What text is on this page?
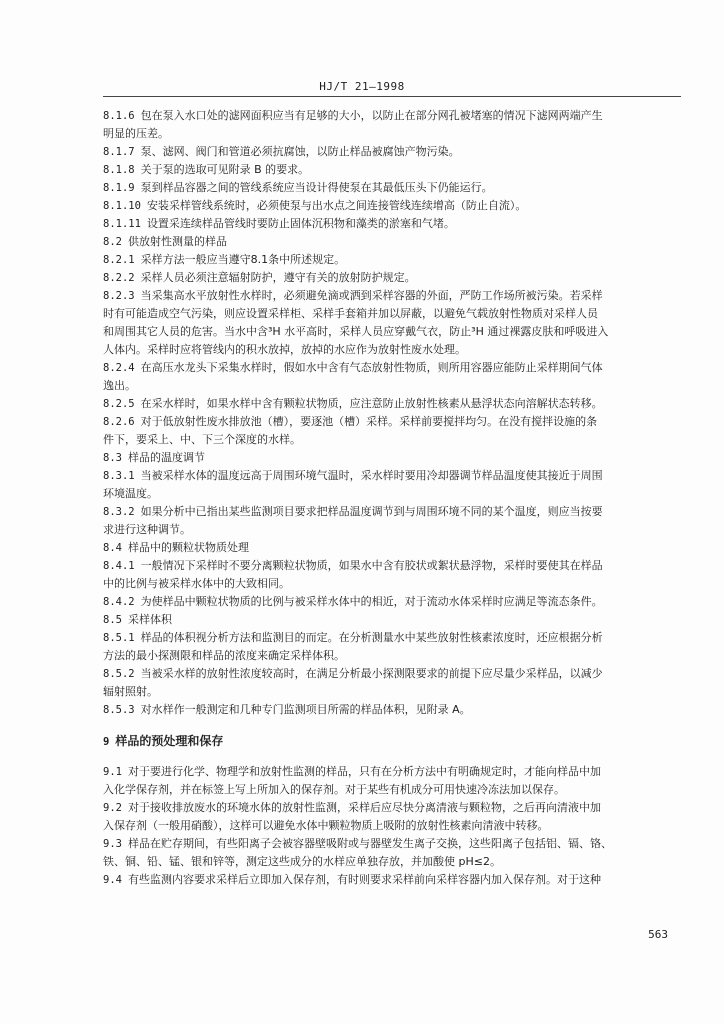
HJ/T 21—1998
8.1.6 包在泵入水口处的滤网面积应当有足够的大小，以防止在部分网孔被堵塞的情况下滤网两端产生
明显的压差。
8.1.7 泵、滤网、阀门和管道必须抗腐蚀，以防止样品被腐蚀产物污染。
8.1.8 关于泵的选取可见附录 B 的要求。
8.1.9 泵到样品容器之间的管线系统应当设计得使泵在其最低压头下仍能运行。
8.1.10 安装采样管线系统时，必须使泵与出水点之间连接管线连续增高（防止自流）。
8.1.11 设置采连续样品管线时要防止固体沉积物和藻类的淤塞和气堵。
8.2 供放射性测量的样品
8.2.1 采样方法一般应当遵守8.1条中所述规定。
8.2.2 采样人员必须注意辐射防护，遵守有关的放射防护规定。
8.2.3 当采集高水平放射性水样时，必须避免滴或洒到采样容器的外面，严防工作场所被污染。若采样
时有可能造成空气污染，则应设置采样柜、采样手套箱并加以屏蔽，以避免气载放射性物质对采样人员
和周围其它人员的危害。当水中含³H 水平高时，采样人员应穿戴气衣，防止³H 通过裸露皮肤和呼吸进入
人体内。采样时应将管线内的积水放掉，放掉的水应作为放射性废水处理。
8.2.4 在高压水龙头下采集水样时，假如水中含有气态放射性物质，则所用容器应能防止采样期间气体
逸出。
8.2.5 在采水样时，如果水样中含有颗粒状物质，应注意防止放射性核素从悬浮状态向溶解状态转移。
8.2.6 对于低放射性废水排放池（槽），要逐池（槽）采样。采样前要搅拌均匀。在没有搅拌设施的条
件下，要采上、中、下三个深度的水样。
8.3 样品的温度调节
8.3.1 当被采样水体的温度远高于周围环境气温时，采水样时要用冷却器调节样品温度使其接近于周围
环境温度。
8.3.2 如果分析中已指出某些监测项目要求把样品温度调节到与周围环境不同的某个温度，则应当按要
求进行这种调节。
8.4 样品中的颗粒状物质处理
8.4.1 一般情况下采样时不要分离颗粒状物质，如果水中含有胶状或絮状悬浮物，采样时要使其在样品
中的比例与被采样水体中的大致相同。
8.4.2 为使样品中颗粒状物质的比例与被采样水体中的相近，对于流动水体采样时应满足等流态条件。
8.5 采样体积
8.5.1 样品的体积视分析方法和监测目的而定。在分析测量水中某些放射性核素浓度时，还应根据分析
方法的最小探测限和样品的浓度来确定采样体积。
8.5.2 当被采水样的放射性浓度较高时，在满足分析最小探测限要求的前提下应尽量少采样品，以减少
辐射照射。
8.5.3 对水样作一般测定和几种专门监测项目所需的样品体积，见附录 A。
9 样品的预处理和保存
9.1 对于要进行化学、物理学和放射性监测的样品，只有在分析方法中有明确规定时，才能向样品中加
入化学保存剂，并在标签上写上所加入的保存剂。对于某些有机成分可用快速冷冻法加以保存。
9.2 对于接收排放废水的环境水体的放射性监测，采样后应尽快分离清液与颗粒物，之后再向清液中加
入保存剂（一般用硝酸），这样可以避免水体中颗粒物质上吸附的放射性核素向清液中转移。
9.3 样品在贮存期间，有些阳离子会被容器壁吸附或与器壁发生离子交换，这些阳离子包括铝、镉、铬、
铁、铜、铅、锰、银和锌等，测定这些成分的水样应单独存放，并加酸使 pH≤2。
9.4 有些监测内容要求采样后立即加入保存剂，有时则要求采样前向采样容器内加入保存剂。对于这种
563
